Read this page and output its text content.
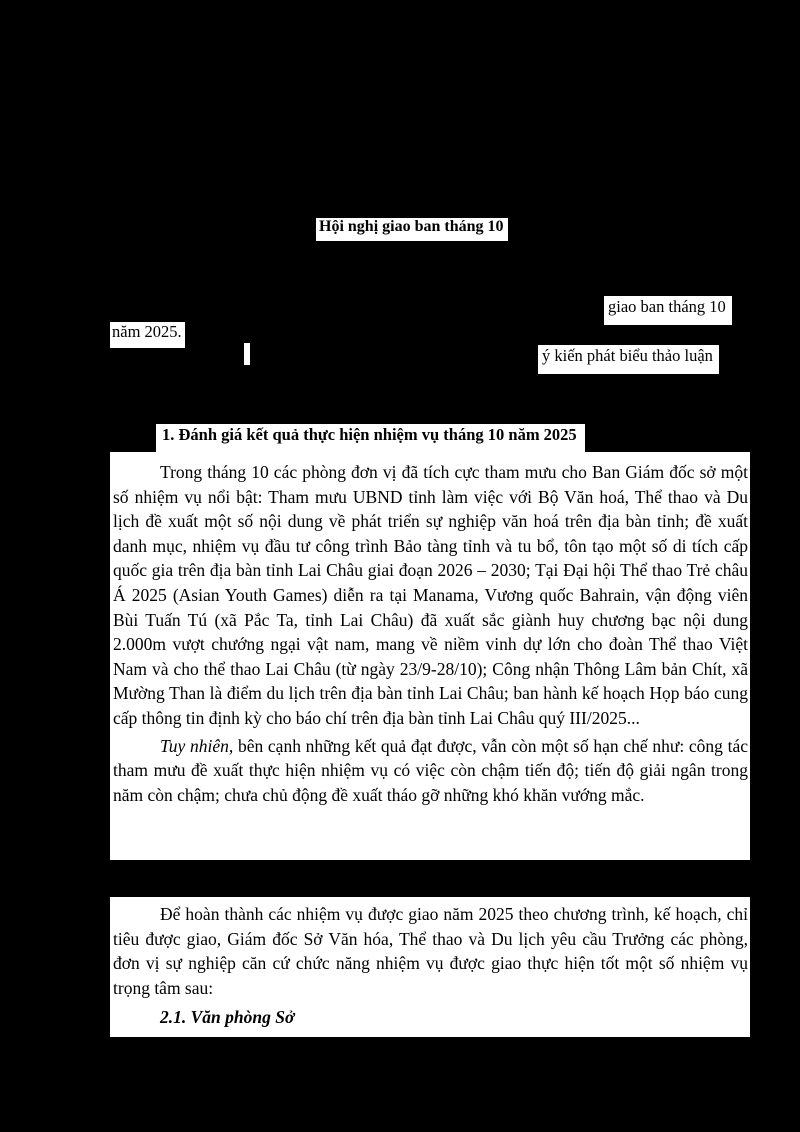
Hội nghị giao ban tháng 10
giao ban tháng 10
năm 2025.
ý kiến phát biểu thảo luận
1. Đánh giá kết quả thực hiện nhiệm vụ tháng 10 năm 2025

Trong tháng 10 các phòng đơn vị đã tích cực tham mưu cho Ban Giám đốc sở một số nhiệm vụ nổi bật: Tham mưu UBND tỉnh làm việc với Bộ Văn hoá, Thể thao và Du lịch đề xuất một số nội dung về phát triển sự nghiệp văn hoá trên địa bàn tỉnh; đề xuất danh mục, nhiệm vụ đầu tư công trình Bảo tàng tỉnh và tu bổ, tôn tạo một số di tích cấp quốc gia trên địa bàn tỉnh Lai Châu giai đoạn 2026 – 2030; Tại Đại hội Thể thao Trẻ châu Á 2025 (Asian Youth Games) diễn ra tại Manama, Vương quốc Bahrain, vận động viên Bùi Tuấn Tú (xã Pắc Ta, tỉnh Lai Châu) đã xuất sắc giành huy chương bạc nội dung 2.000m vượt chướng ngại vật nam, mang về niềm vinh dự lớn cho đoàn Thể thao Việt Nam và cho thể thao Lai Châu (từ ngày 23/9-28/10); Công nhận Thông Lâm bản Chít, xã Mường Than là điểm du lịch trên địa bàn tỉnh Lai Châu; ban hành kế hoạch Họp báo cung cấp thông tin định kỳ cho báo chí trên địa bàn tỉnh Lai Châu quý III/2025...

Tuy nhiên, bên cạnh những kết quả đạt được, vẫn còn một số hạn chế như: công tác tham mưu đề xuất thực hiện nhiệm vụ có việc còn chậm tiến độ; tiến độ giải ngân trong năm còn chậm; chưa chủ động đề xuất tháo gỡ những khó khăn vướng mắc.

Để hoàn thành các nhiệm vụ được giao năm 2025 theo chương trình, kế hoạch, chỉ tiêu được giao, Giám đốc Sở Văn hóa, Thể thao và Du lịch yêu cầu Trưởng các phòng, đơn vị sự nghiệp căn cứ chức năng nhiệm vụ được giao thực hiện tốt một số nhiệm vụ trọng tâm sau:

2.1. Văn phòng Sở
